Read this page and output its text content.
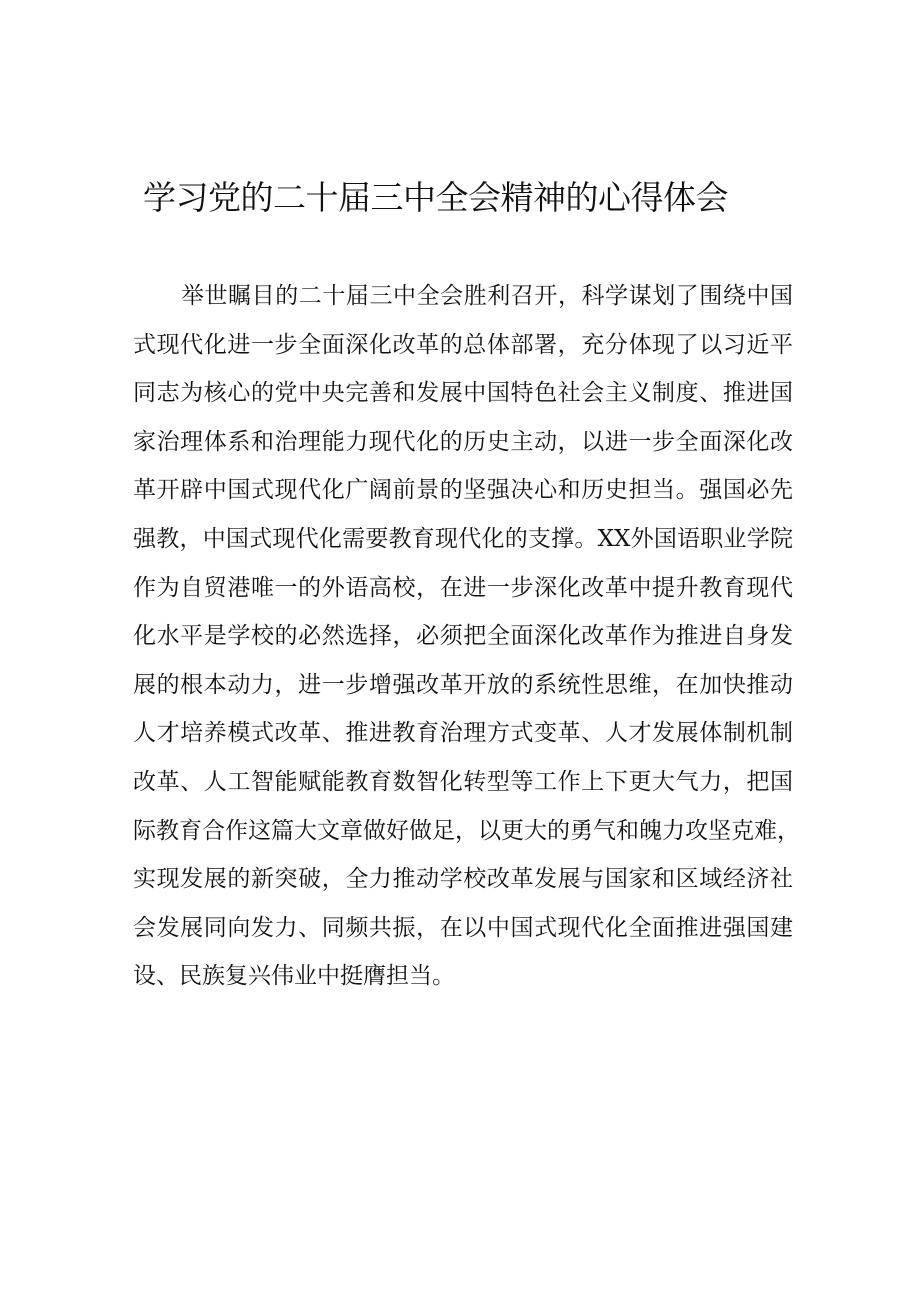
学习党的二十届三中全会精神的心得体会
举世瞩目的二十届三中全会胜利召开，科学谋划了围绕中国
式现代化进一步全面深化改革的总体部署，充分体现了以习近平
同志为核心的党中央完善和发展中国特色社会主义制度、推进国
家治理体系和治理能力现代化的历史主动，以进一步全面深化改
革开辟中国式现代化广阔前景的坚强决心和历史担当。强国必先
强教，中国式现代化需要教育现代化的支撑。XX外国语职业学院
作为自贸港唯一的外语高校，在进一步深化改革中提升教育现代
化水平是学校的必然选择，必须把全面深化改革作为推进自身发
展的根本动力，进一步增强改革开放的系统性思维，在加快推动
人才培养模式改革、推进教育治理方式变革、人才发展体制机制
改革、人工智能赋能教育数智化转型等工作上下更大气力，把国
际教育合作这篇大文章做好做足，以更大的勇气和魄力攻坚克难，
实现发展的新突破，全力推动学校改革发展与国家和区域经济社
会发展同向发力、同频共振，在以中国式现代化全面推进强国建
设、民族复兴伟业中挺膺担当。
